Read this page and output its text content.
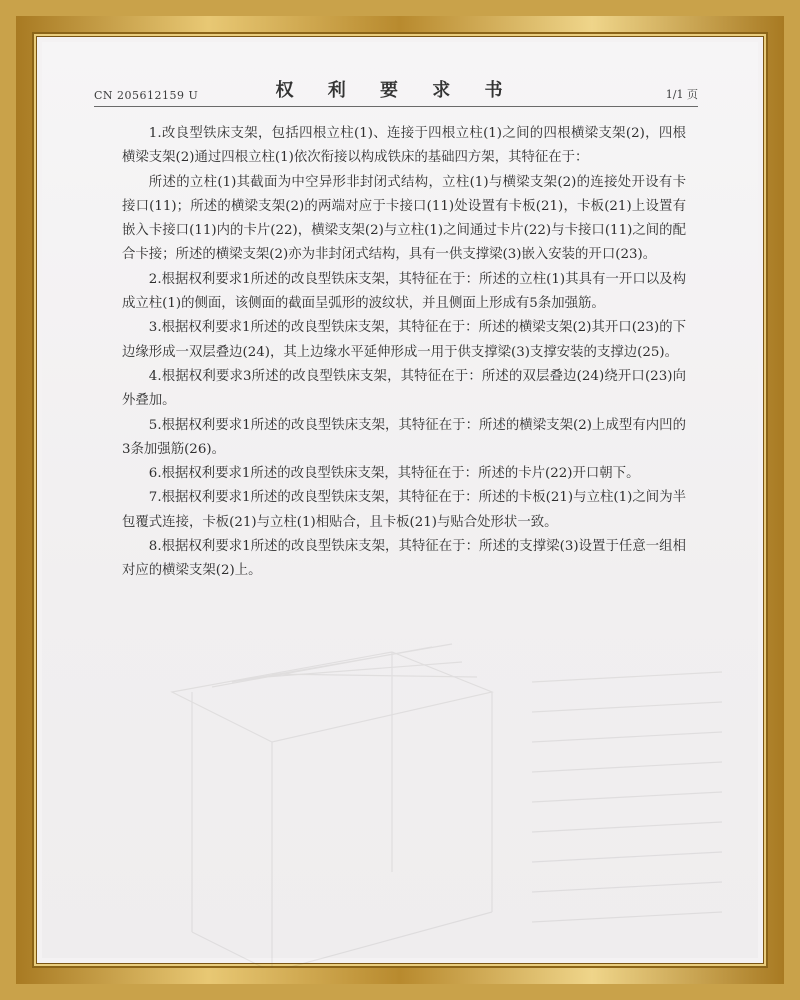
CN 205612159 U	权 利 要 求 书	1/1 页

1.改良型铁床支架，包括四根立柱(1)、连接于四根立柱(1)之间的四根横梁支架(2)，四根横梁支架(2)通过四根立柱(1)依次衔接以构成铁床的基础四方架，其特征在于：

所述的立柱(1)其截面为中空异形非封闭式结构，立柱(1)与横梁支架(2)的连接处开设有卡接口(11)；所述的横梁支架(2)的两端对应于卡接口(11)处设置有卡板(21)，卡板(21)上设置有嵌入卡接口(11)内的卡片(22)，横梁支架(2)与立柱(1)之间通过卡片(22)与卡接口(11)之间的配合卡接；所述的横梁支架(2)亦为非封闭式结构，具有一供支撑梁(3)嵌入安装的开口(23)。

2.根据权利要求1所述的改良型铁床支架，其特征在于：所述的立柱(1)其具有一开口以及构成立柱(1)的侧面，该侧面的截面呈弧形的波纹状，并且侧面上形成有5条加强筋。

3.根据权利要求1所述的改良型铁床支架，其特征在于：所述的横梁支架(2)其开口(23)的下边缘形成一双层叠边(24)，其上边缘水平延伸形成一用于供支撑梁(3)支撑安装的支撑边(25)。

4.根据权利要求3所述的改良型铁床支架，其特征在于：所述的双层叠边(24)绕开口(23)向外叠加。

5.根据权利要求1所述的改良型铁床支架，其特征在于：所述的横梁支架(2)上成型有内凹的3条加强筋(26)。

6.根据权利要求1所述的改良型铁床支架，其特征在于：所述的卡片(22)开口朝下。

7.根据权利要求1所述的改良型铁床支架，其特征在于：所述的卡板(21)与立柱(1)之间为半包覆式连接，卡板(21)与立柱(1)相贴合，且卡板(21)与贴合处形状一致。

8.根据权利要求1所述的改良型铁床支架，其特征在于：所述的支撑梁(3)设置于任意一组相对应的横梁支架(2)上。
